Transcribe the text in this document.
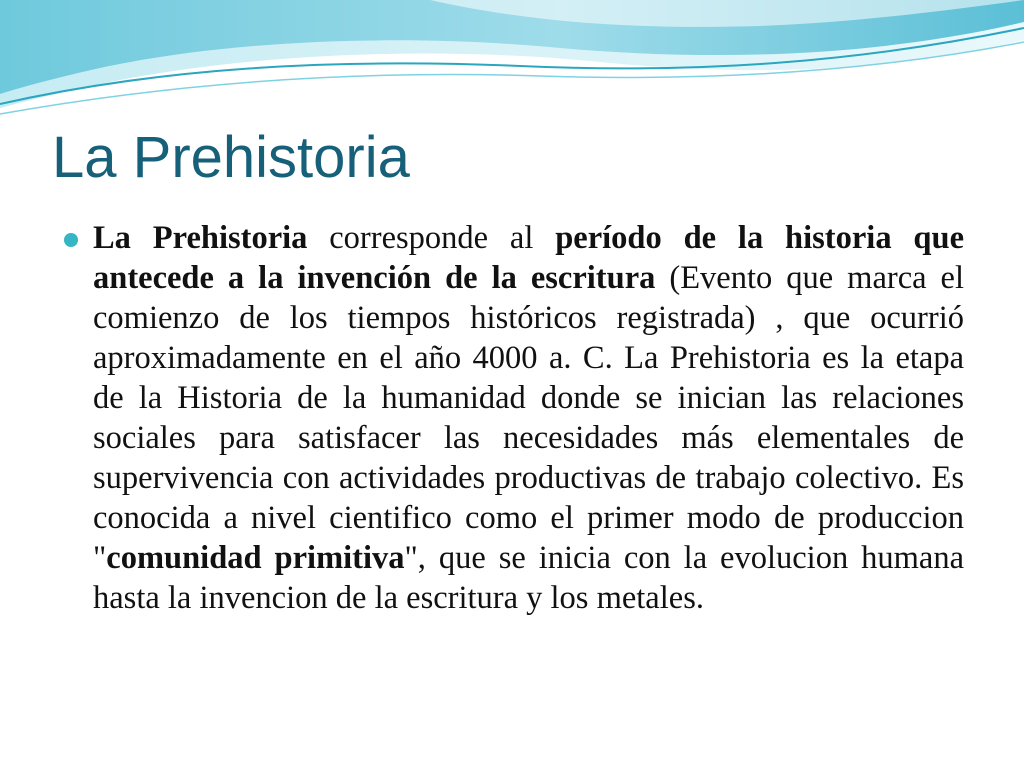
La Prehistoria

La Prehistoria corresponde al período de la historia que antecede a la invención de la escritura (Evento que marca el comienzo de los tiempos históricos registrada) , que ocurrió aproximadamente en el año 4000 a. C. La Prehistoria es la etapa de la Historia de la humanidad donde se inician las relaciones sociales para satisfacer las necesidades más elementales de supervivencia con actividades productivas de trabajo colectivo. Es conocida a nivel cientifico como el primer modo de produccion "comunidad primitiva", que se inicia con la evolucion humana hasta la invencion de la escritura y los metales.
